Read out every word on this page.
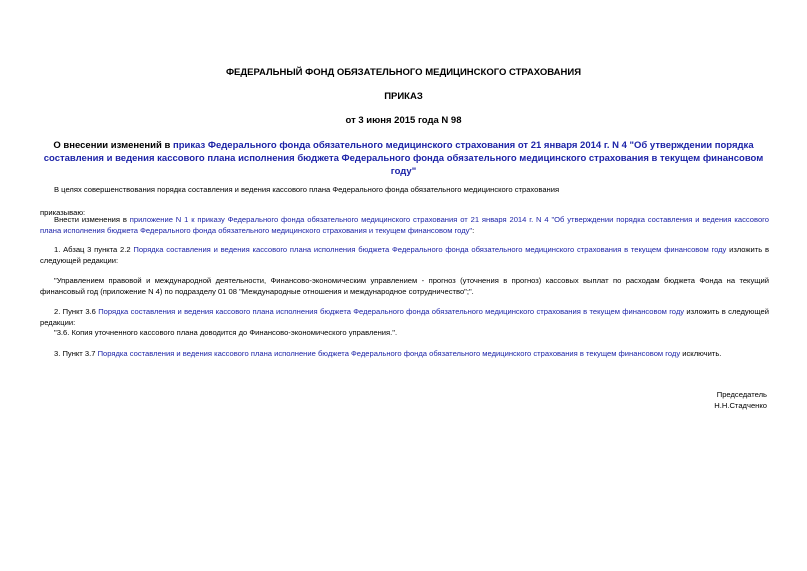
ФЕДЕРАЛЬНЫЙ ФОНД ОБЯЗАТЕЛЬНОГО МЕДИЦИНСКОГО СТРАХОВАНИЯ
ПРИКАЗ
от 3 июня 2015 года N 98
О внесении изменений в приказ Федерального фонда обязательного медицинского страхования от 21 января 2014 г. N 4 "Об утверждении порядка составления и ведения кассового плана исполнения бюджета Федерального фонда обязательного медицинского страхования в текущем финансовом году"
В целях совершенствования порядка составления и ведения кассового плана Федерального фонда обязательного медицинского страхования
приказываю:
Внести изменения в приложение N 1 к приказу Федерального фонда обязательного медицинского страхования от 21 января 2014 г. N 4 "Об утверждении порядка составления и ведения кассового плана исполнения бюджета Федерального фонда обязательного медицинского страхования и текущем финансовом году":
1. Абзац 3 пункта 2.2 Порядка составления и ведения кассового плана исполнения бюджета Федерального фонда обязательного медицинского страхования в текущем финансовом году изложить в следующей редакции:
"Управлением правовой и международной деятельности, Финансово-экономическим управлением - прогноз (уточнения в прогноз) кассовых выплат по расходам бюджета Фонда на текущий финансовый год (приложение N 4) по подразделу 01 08 "Международные отношения и международное сотрудничество";".
2. Пункт 3.6 Порядка составления и ведения кассового плана исполнения бюджета Федерального фонда обязательного медицинского страхования в текущем финансовом году изложить в следующей редакции:
"3.6. Копия уточненного кассового плана доводится до Финансово-экономического управления.".
3. Пункт 3.7 Порядка составления и ведения кассового плана исполнение бюджета Федерального фонда обязательного медицинского страхования в текущем финансовом году исключить.
Председатель
Н.Н.Стадченко
